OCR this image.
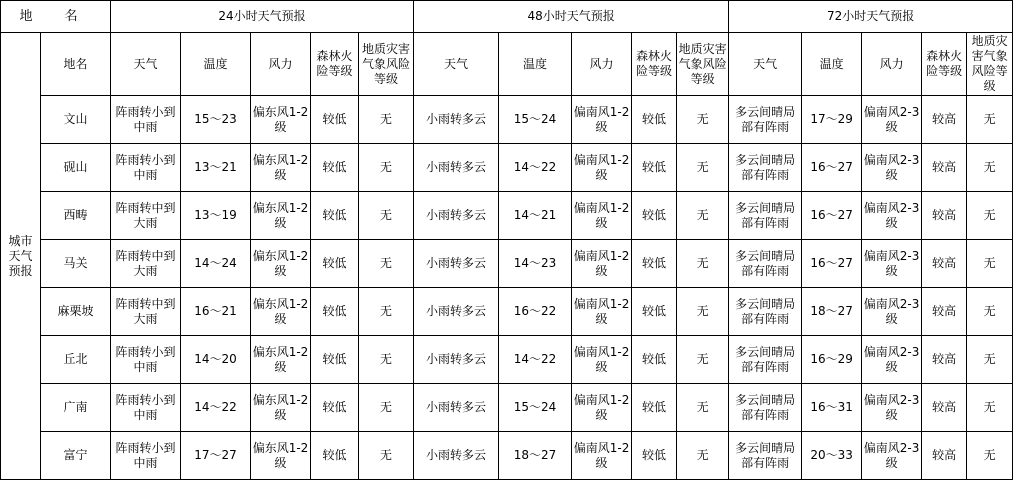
地 名		24小时天气预报					48小时天气预报					72小时天气预报				
城市天气预报	地名	天气	温度	风力	森林火险等级	地质灾害气象风险等级	天气	温度	风力	森林火险等级	地质灾害气象风险等级	天气	温度	风力	森林火险等级	地质灾害气象风险等级
	文山	阵雨转小到中雨	15～23	偏东风1-2级	较低	无	小雨转多云	15～24	偏南风1-2级	较低	无	多云间晴局部有阵雨	17～29	偏南风2-3级	较高	无
	砚山	阵雨转小到中雨	13～21	偏东风1-2级	较低	无	小雨转多云	14～22	偏南风1-2级	较低	无	多云间晴局部有阵雨	16～27	偏南风2-3级	较高	无
	西畴	阵雨转中到大雨	13～19	偏东风1-2级	较低	无	小雨转多云	14～21	偏南风1-2级	较低	无	多云间晴局部有阵雨	16～27	偏南风2-3级	较高	无
	马关	阵雨转中到大雨	14～24	偏东风1-2级	较低	无	小雨转多云	14～23	偏南风1-2级	较低	无	多云间晴局部有阵雨	16～27	偏南风2-3级	较高	无
	麻栗坡	阵雨转中到大雨	16～21	偏东风1-2级	较低	无	小雨转多云	16～22	偏南风1-2级	较低	无	多云间晴局部有阵雨	18～27	偏南风2-3级	较高	无
	丘北	阵雨转小到中雨	14～20	偏东风1-2级	较低	无	小雨转多云	14～22	偏南风1-2级	较低	无	多云间晴局部有阵雨	16～29	偏南风2-3级	较高	无
	广南	阵雨转小到中雨	14～22	偏东风1-2级	较低	无	小雨转多云	15～24	偏南风1-2级	较低	无	多云间晴局部有阵雨	16～31	偏南风2-3级	较高	无
	富宁	阵雨转小到中雨	17～27	偏东风1-2级	较低	无	小雨转多云	18～27	偏南风1-2级	较低	无	多云间晴局部有阵雨	20～33	偏南风2-3级	较高	无
